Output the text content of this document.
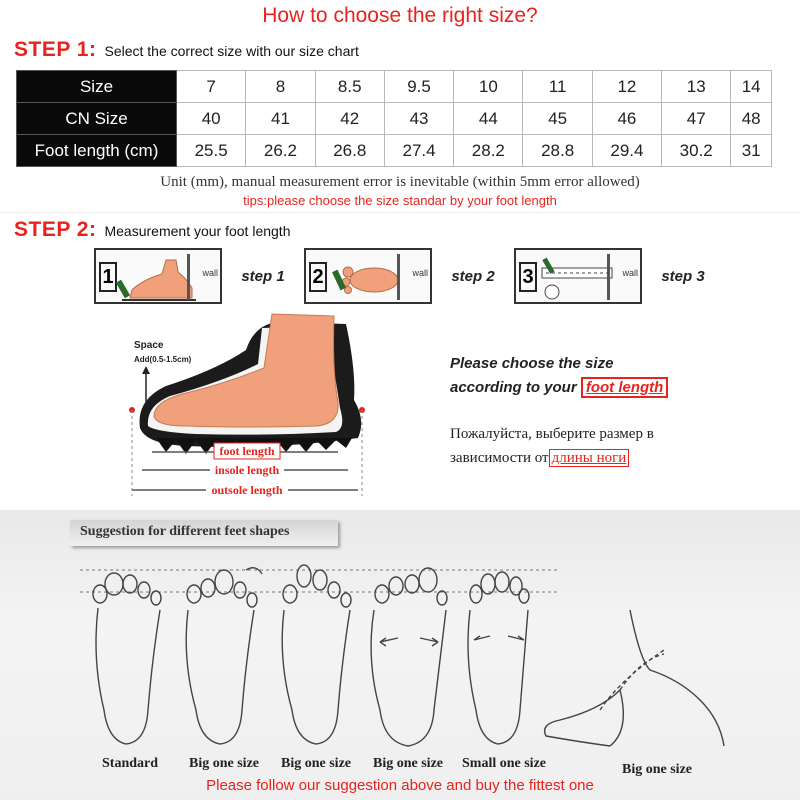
How to choose the right size?
STEP 1: Select the correct size with our size chart
Size	7	8	8.5	9.5	10	11	12	13	14
CN Size	40	41	42	43	44	45	46	47	48
Foot length (cm)	25.5	26.2	26.8	27.4	28.2	28.8	29.4	30.2	31
Unit (mm), manual measurement error is inevitable (within 5mm error allowed)
tips:please choose the size standar by your foot length
STEP 2: Measurement your foot length
1	wall	step 1	2	wall	step 2	3	wall	step 3
foot length
insole length
outsole length
Space
Add(0.5-1.5cm)	Please choose the size
according to your foot length
Пожалуйста, выберите размер в
зависимости от длины ноги
Suggestion for different feet shapes
Standard Big one size Big one size Big one size Small one size	Big one size
Please follow our suggestion above and buy the fittest one
